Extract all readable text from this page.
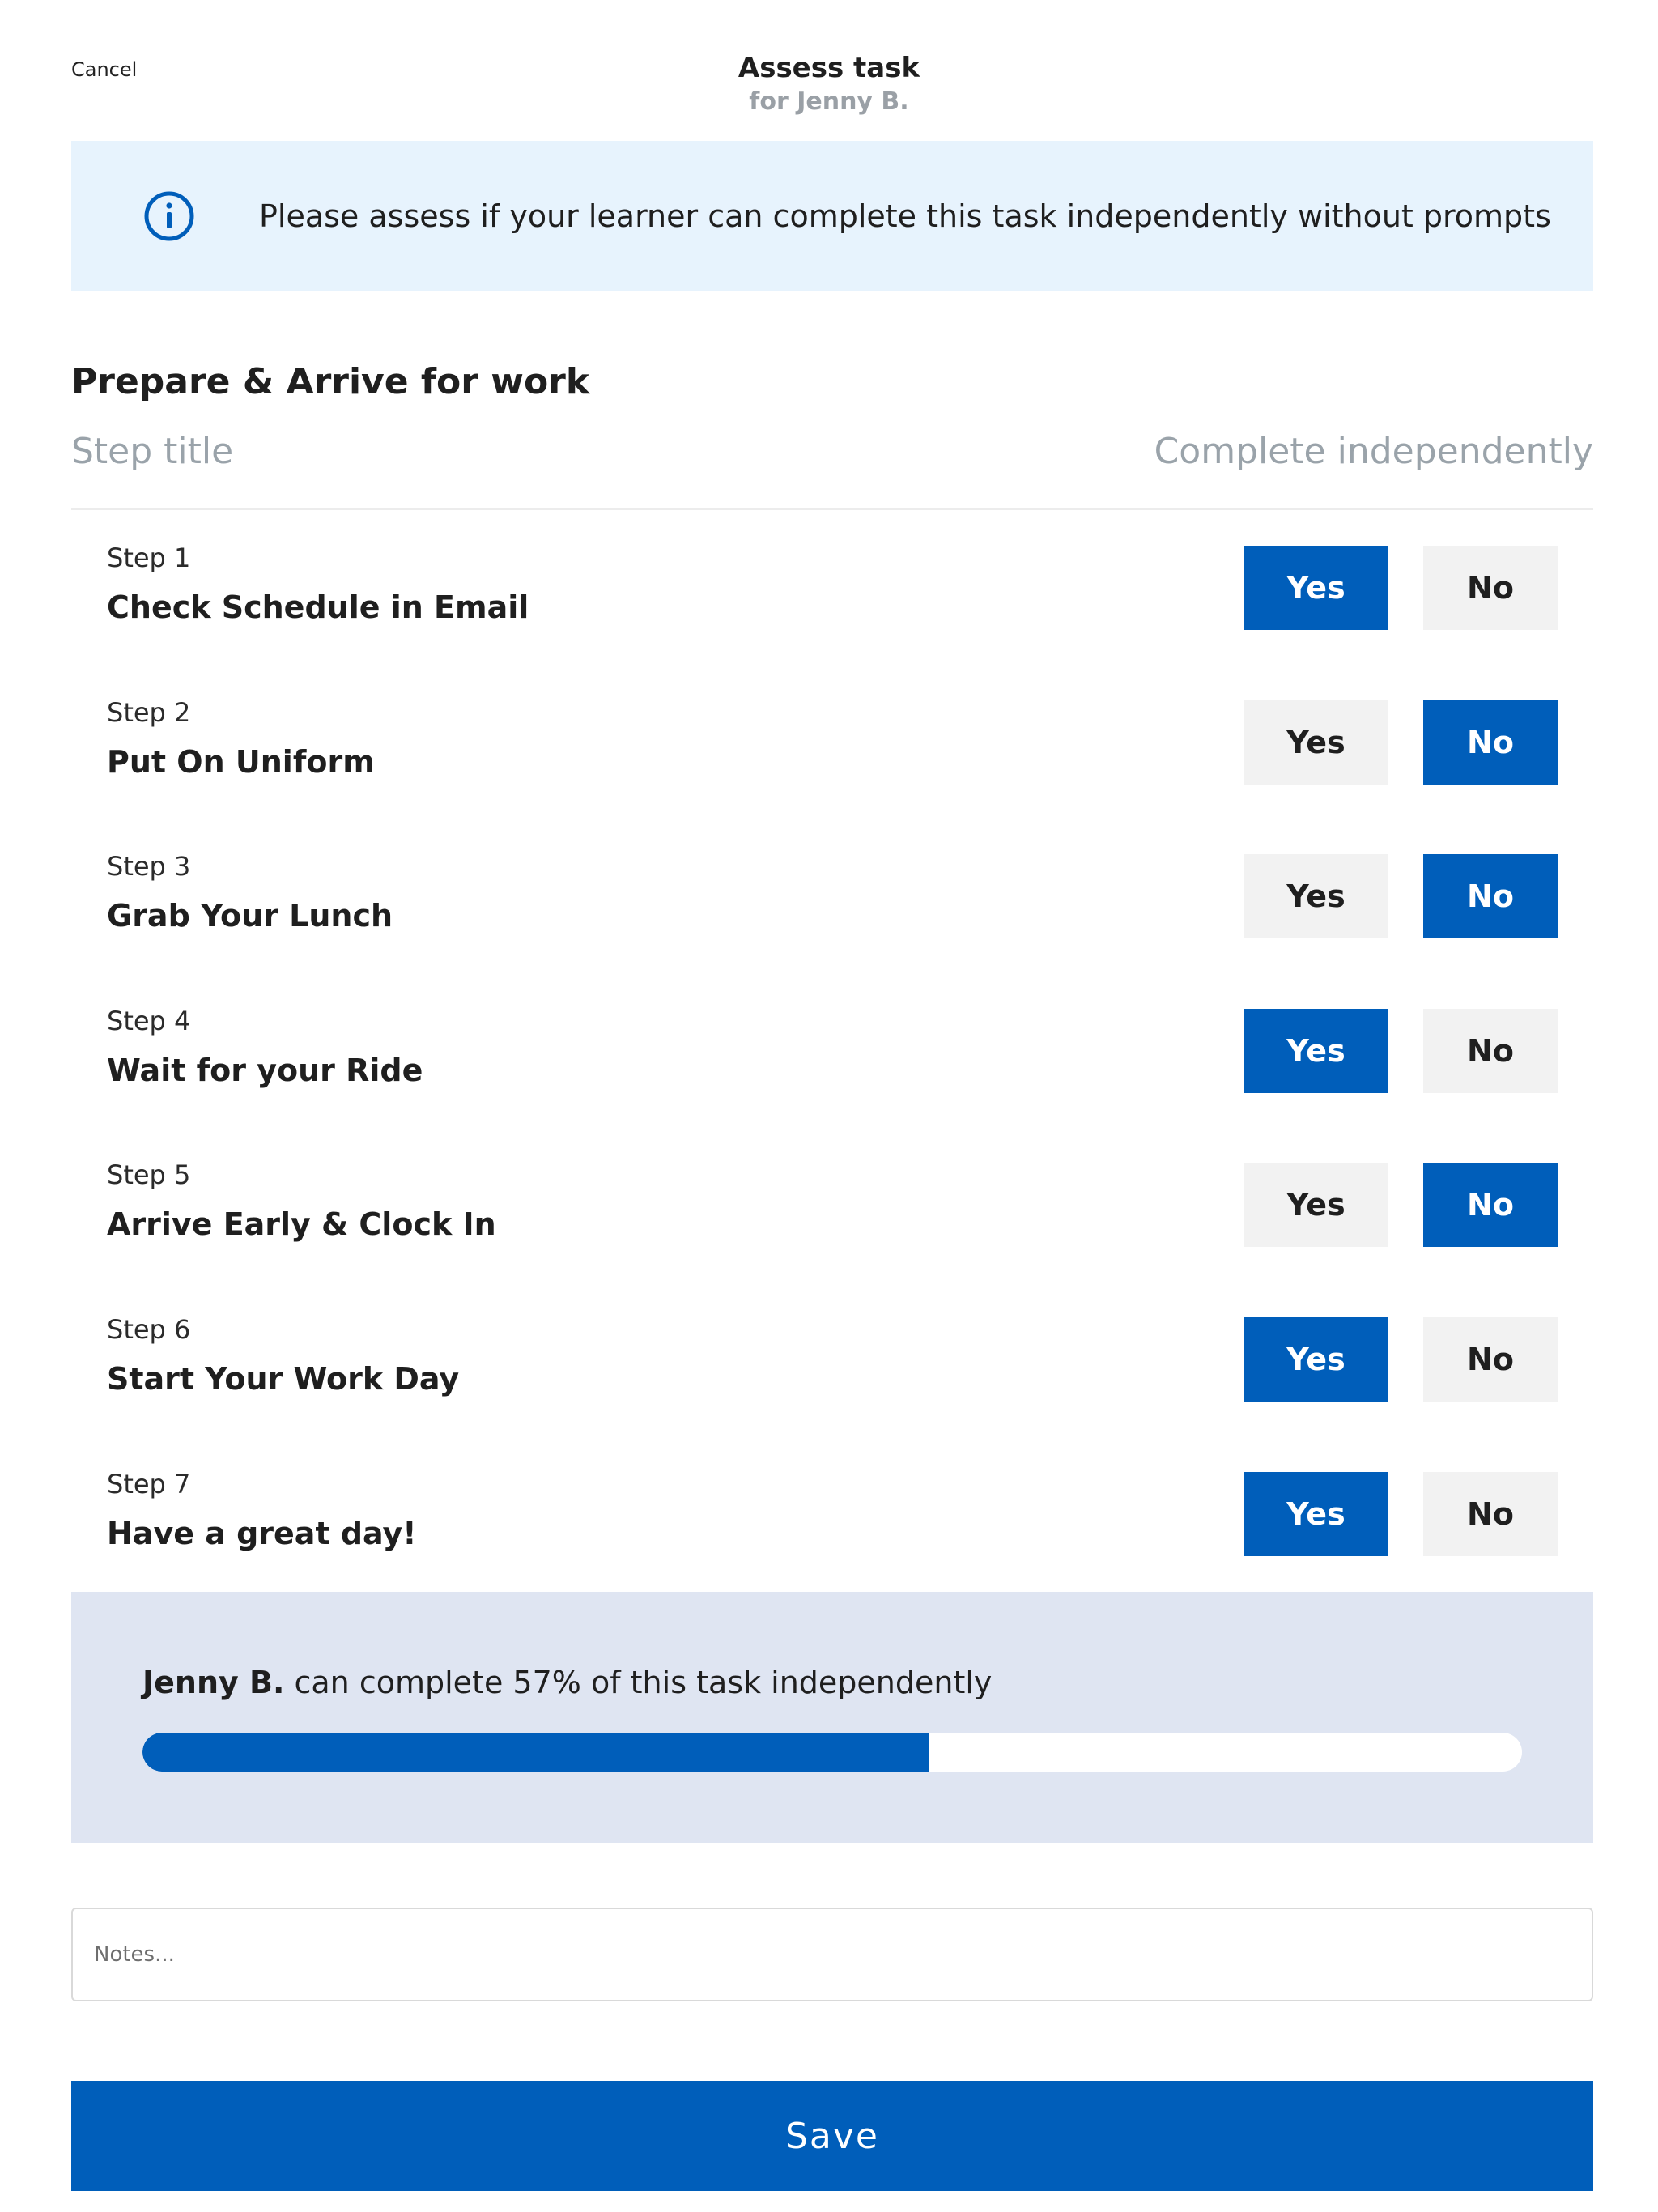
Cancel	Assess task
for Jenny B.
Please assess if your learner can complete this task independently without prompts
Prepare & Arrive for work
Step title	Complete independently
Step 1
Check Schedule in Email
Yes	No
Step 2
Put On Uniform
Yes	No
Step 3
Grab Your Lunch
Yes	No
Step 4
Wait for your Ride
Yes	No
Step 5
Arrive Early & Clock In
Yes	No
Step 6
Start Your Work Day
Yes	No
Step 7
Have a great day!
Yes	No
Jenny B. can complete 57% of this task independently
Notes...
Save
